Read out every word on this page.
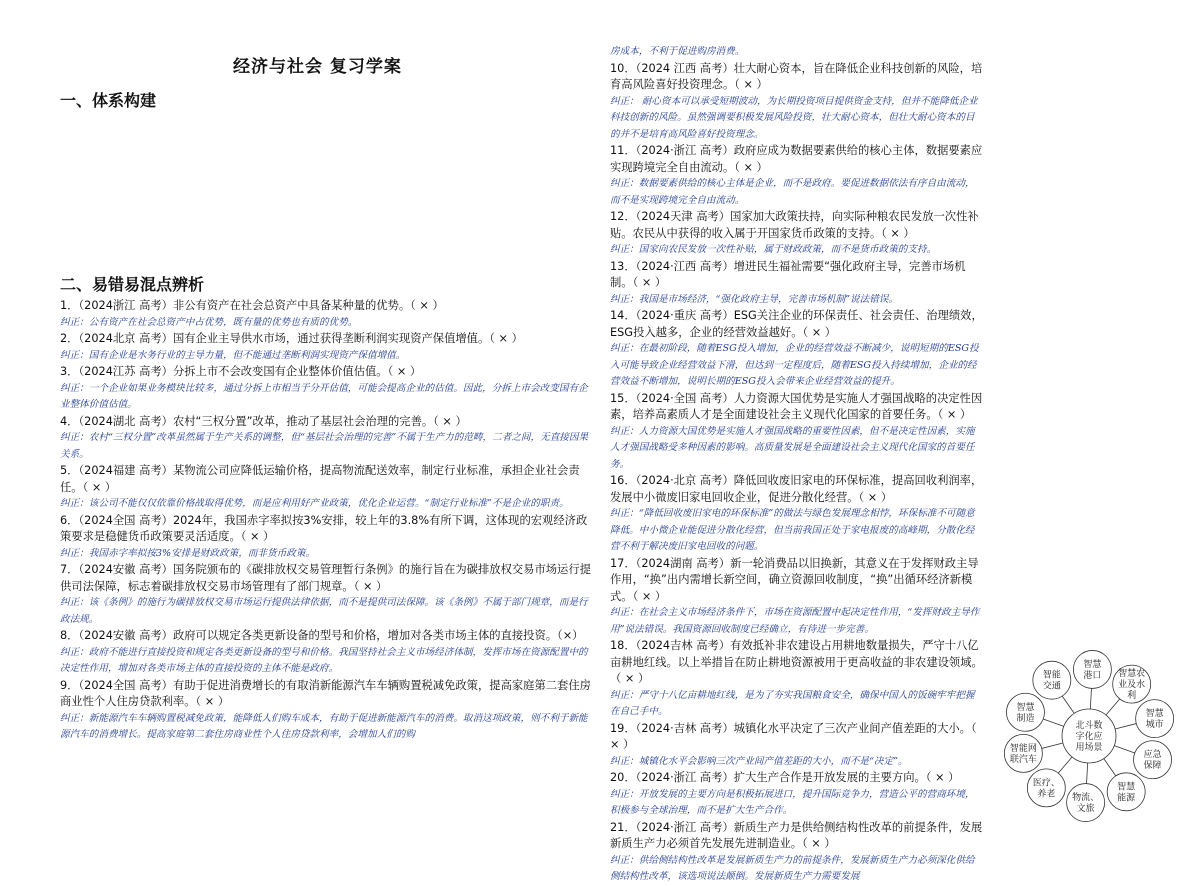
经济与社会 复习学案
一、体系构建
二、易错易混点辨析
1．（2024浙江 高考）非公有资产在社会总资产中具备某种量的优势。（ × ）
纠正：公有资产在社会总资产中占优势，既有量的优势也有质的优势。
2．（2024北京 高考）国有企业主导供水市场，通过获得垄断利润实现资产保值增值。（ × ）
纠正：国有企业是水务行业的主导力量，但不能通过垄断利润实现资产保值增值。
3．（2024江苏 高考）分拆上市不会改变国有企业整体价值估值。（ × ）
纠正：一个企业如果业务模块比较多，通过分拆上市相当于分开估值，可能会提高企业的估值。因此，分拆上市会改变国有企业整体价值估值。
4．（2024湖北 高考）农村“三权分置”改革，推动了基层社会治理的完善。（ × ）
纠正：农村“三权分置”改革虽然属于生产关系的调整，但“基层社会治理的完善”不属于生产力的范畴，二者之间，无直接因果关系。
5．（2024福建 高考）某物流公司应降低运输价格，提高物流配送效率，制定行业标准，承担企业社会责任。（ × ）
纠正：该公司不能仅仅依靠价格战取得优势，而是应利用好产业政策，优化企业运营。“制定行业标准”不是企业的职责。
6．（2024全国 高考）2024年，我国赤字率拟按3%安排，较上年的3.8%有所下调，这体现的宏观经济政策要求是稳健货币政策要灵活适度。（ × ）
纠正：我国赤字率拟按3%安排是财政政策，而非货币政策。
7．（2024安徽 高考）国务院颁布的《碳排放权交易管理暂行条例》的施行旨在为碳排放权交易市场运行提供司法保障，标志着碳排放权交易市场管理有了部门规章。（ × ）
纠正：该《条例》的施行为碳排放权交易市场运行提供法律依据，而不是提供司法保障。该《条例》不属于部门规章，而是行政法规。
8．（2024安徽 高考）政府可以规定各类更新设备的型号和价格，增加对各类市场主体的直接投资。（×）
纠正：政府不能进行直接投资和规定各类更新设备的型号和价格。我国坚持社会主义市场经济体制，发挥市场在资源配置中的决定性作用，增加对各类市场主体的直接投资的主体不能是政府。
9．（2024全国 高考）有助于促进消费增长的有取消新能源汽车车辆购置税减免政策，提高家庭第二套住房商业性个人住房贷款利率。（ × ）
纠正：新能源汽车车辆购置税减免政策，能降低人们购车成本，有助于促进新能源汽车的消费。取消这项政策，则不利于新能源汽车的消费增长。提高家庭第二套住房商业性个人住房贷款利率，会增加人们的购
房成本，不利于促进购房消费。
10．（2024 江西 高考）壮大耐心资本，旨在降低企业科技创新的风险，培育高风险喜好投资理念。（ × ）
纠正： 耐心资本可以承受短期波动，为长期投资项目提供资金支持，但并不能降低企业科技创新的风险。虽然强调要积极发展风险投资，壮大耐心资本，但壮大耐心资本的目的并不是培育高风险喜好投资理念。
11．（2024·浙江 高考）政府应成为数据要素供给的核心主体，数据要素应实现跨境完全自由流动。（ × ）
纠正：数据要素供给的核心主体是企业，而不是政府。要促进数据依法有序自由流动，而不是实现跨境完全自由流动。
12．（2024天津 高考）国家加大政策扶持，向实际种粮农民发放一次性补贴。农民从中获得的收入属于开国家货币政策的支持。（ × ）
纠正：国家向农民发放一次性补贴，属于财政政策，而不是货币政策的支持。
13．（2024·江西 高考）增进民生福祉需要“强化政府主导，完善市场机制。（ × ）
纠正：我国是市场经济，“强化政府主导，完善市场机制”说法错误。
14．（2024·重庆 高考）ESG关注企业的环保责任、社会责任、治理绩效，ESG投入越多，企业的经营效益越好。（ × ）
纠正：在最初阶段，随着ESG投入增加，企业的经营效益不断减少，说明短期的ESG投入可能导致企业经营效益下滑，但达到一定程度后，随着ESG投入持续增加，企业的经营效益不断增加，说明长期的ESG投入会带来企业经营效益的提升。
15．（2024·全国 高考）人力资源大国优势是实施人才强国战略的决定性因素，培养高素质人才是全面建设社会主义现代化国家的首要任务。（ × ）
纠正：人力资源大国优势是实施人才强国战略的重要性因素，但不是决定性因素，实施人才强国战略受多种因素的影响。高质量发展是全面建设社会主义现代化国家的首要任务。
16．（2024·北京 高考）降低回收废旧家电的环保标准，提高回收利润率，发展中小微废旧家电回收企业，促进分散化经营。（ × ）
纠正：“降低回收废旧家电的环保标准”的做法与绿色发展理念相悖，环保标准不可随意降低。中小微企业能促进分散化经营，但当前我国正处于家电报废的高峰期，分散化经营不利于解决废旧家电回收的问题。
17．（2024湖南 高考）新一轮消费品以旧换新，其意义在于发挥财政主导作用，“换”出内需增长新空间，确立资源回收制度，“换”出循环经济新模式。（ × ）
纠正：在社会主义市场经济条件下，市场在资源配置中起决定性作用，“发挥财政主导作用”说法错误。我国资源回收制度已经确立，有待进一步完善。
18．（2024吉林 高考）有效抵补非农建设占用耕地数量损失，严守十八亿亩耕地红线。以上举措旨在防止耕地资源被用于更高收益的非农建设领域。（ × ）
纠正：严守十八亿亩耕地红线，是为了夯实我国粮食安全，确保中国人的饭碗牢牢把握在自己手中。
19．（2024·吉林 高考）城镇化水平决定了三次产业间产值差距的大小。（ × ）
纠正：城镇化水平会影响三次产业间产值差距的大小，而不是“决定”。
20．（2024·浙江 高考）扩大生产合作是开放发展的主要方向。（ × ）
纠正：开放发展的主要方向是积极拓展进口，提升国际竞争力，营造公平的营商环境，积极参与全球治理，而不是扩大生产合作。
21．（2024·浙江 高考）新质生产力是供给侧结构性改革的前提条件，发展新质生产力必须首先发展先进制造业。（ × ）
纠正：供给侧结构性改革是发展新质生产力的前提条件，发展新质生产力必须深化供给侧结构性改革，该选项说法颠倒。发展新质生产力需要发展
智慧
港口 智慧农
业及水
利
智慧
城市
应急
保障
智慧
能源
物流、
文旅
医疗、
养老
智能网
联汽车
智慧
制造
智能
交通
北斗数
字化应
用场景
